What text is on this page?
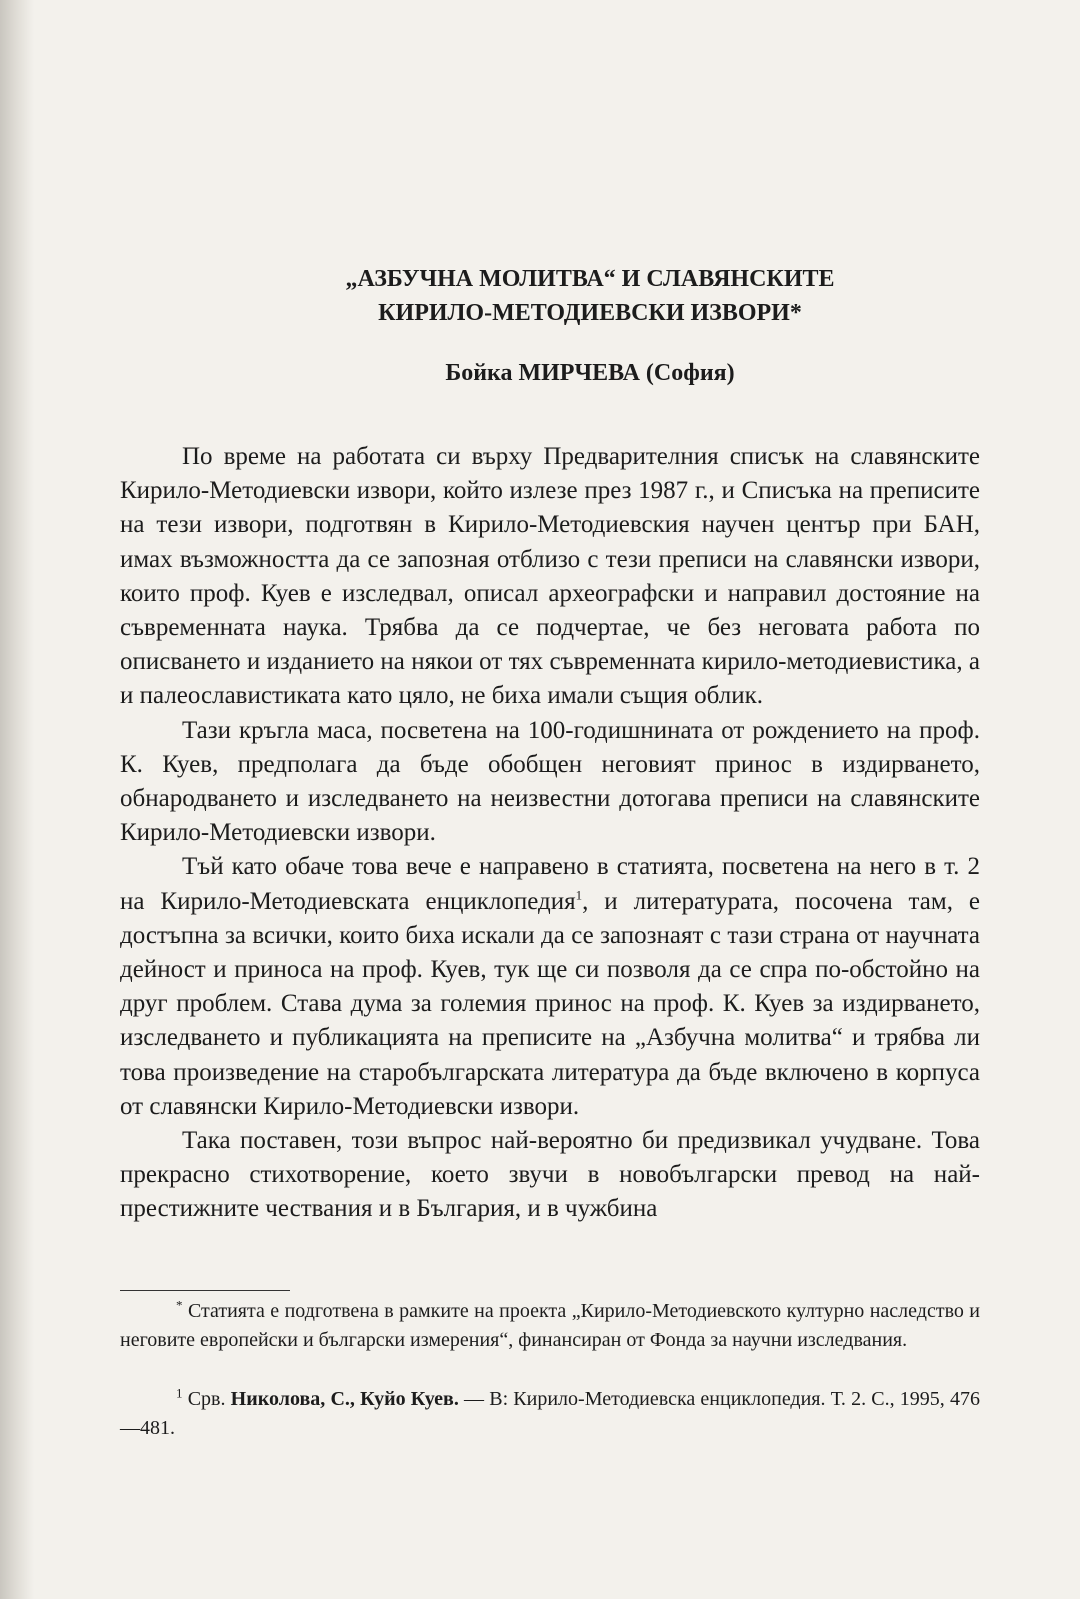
„АЗБУЧНА МОЛИТВА“ И СЛАВЯНСКИТЕ
КИРИЛО-МЕТОДИЕВСКИ ИЗВОРИ*

Бойка МИРЧЕВА (София)

По време на работата си върху Предварителния списък на славянските Кирило-Методиевски извори, който излезе през 1987 г., и Списъка на преписите на тези извори, подготвян в Кирило-Методиевския научен център при БАН, имах възможността да се запозная отблизо с тези преписи на славянски извори, които проф. Куев е изследвал, описал археографски и направил достояние на съвременната наука. Трябва да се подчертае, че без неговата работа по описването и изданието на някои от тях съвременната кирило-методиевистика, а и палеославистиката като цяло, не биха имали същия облик.

Тази кръгла маса, посветена на 100-годишнината от рождението на проф. К. Куев, предполага да бъде обобщен неговият принос в издирването, обнародването и изследването на неизвестни дотогава преписи на славянските Кирило-Методиевски извори.

Тъй като обаче това вече е направено в статията, посветена на него в т. 2 на Кирило-Методиевската енциклопедия$^1$, и литературата, посочена там, е достъпна за всички, които биха искали да се запознаят с тази страна от научната дейност и приноса на проф. Куев, тук ще си позволя да се спра по-обстойно на друг проблем. Става дума за големия принос на проф. К. Куев за издирването, изследването и публикацията на преписите на „Азбучна молитва“ и трябва ли това произведение на старобългарската литература да бъде включено в корпуса от славянски Кирило-Методиевски извори.

Така поставен, този въпрос най-вероятно би предизвикал учудване. Това прекрасно стихотворение, което звучи в новобългарски превод на най-престижните чествания и в България, и в чужбина

* Статията е подготвена в рамките на проекта „Кирило-Методиевското културно наследство и неговите европейски и български измерения“, финансиран от Фонда за научни изследвания.

$^1$ Срв. Николова, С., Куйо Куев. — В: Кирило-Методиевска енциклопедия. Т. 2. С., 1995, 476—481.
